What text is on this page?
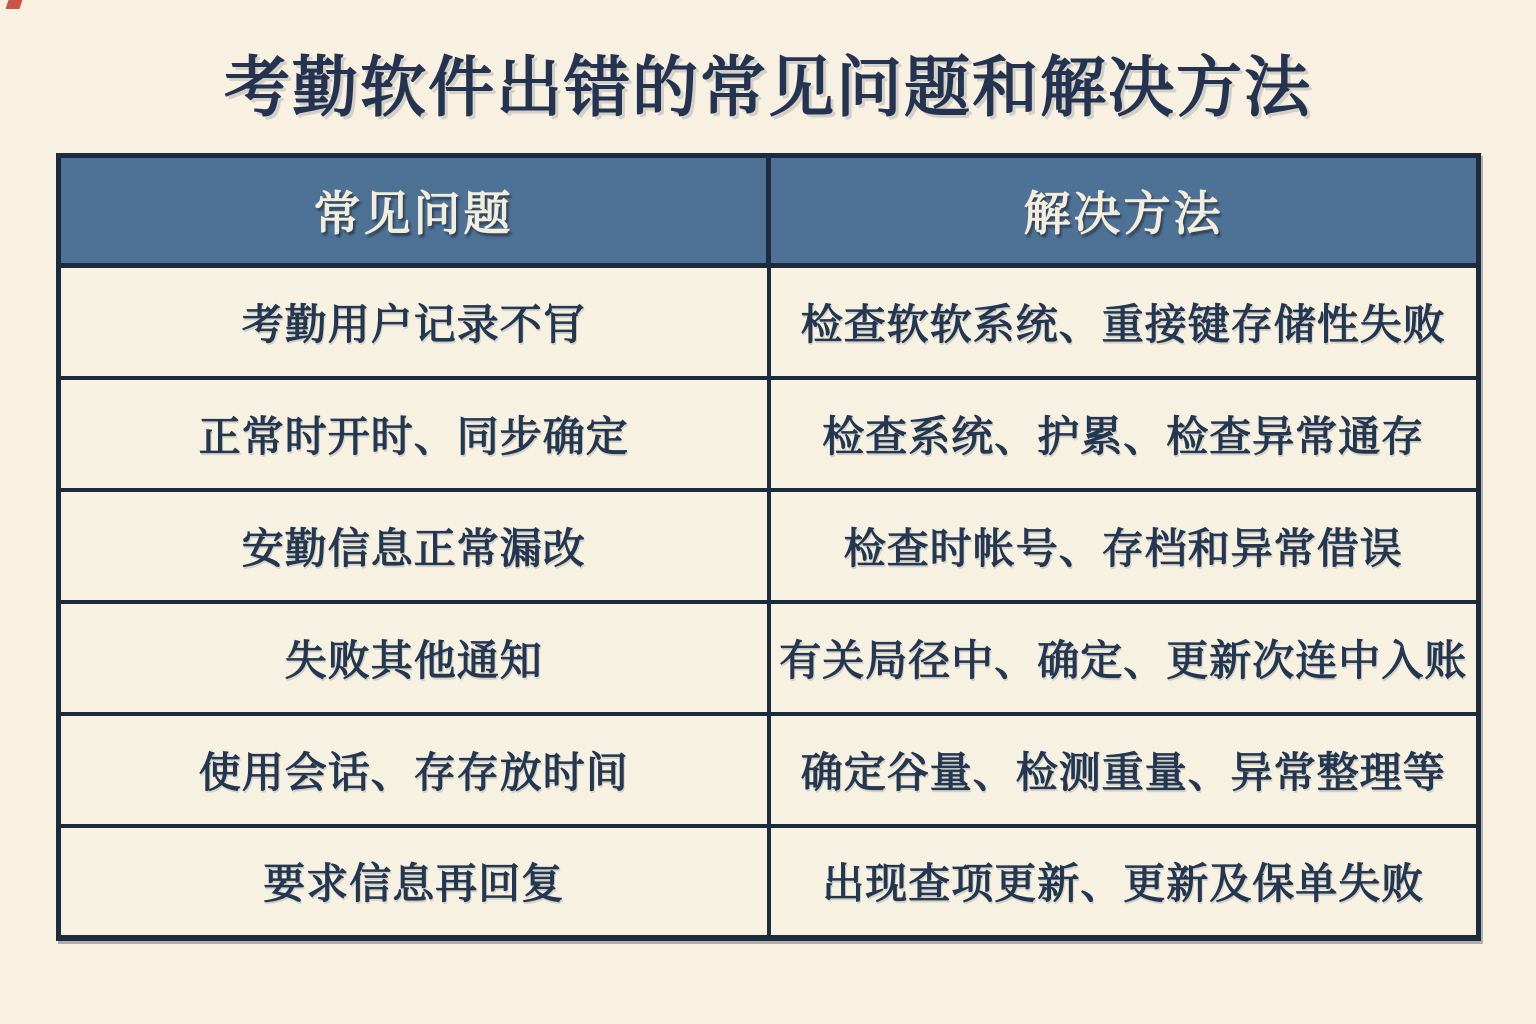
考勤软件出错的常见问题和解决方法
常见问题	解决方法
考勤用户记录不肎	检查软软系统、重接键存储性失败
正常时开时、同步确定	检查系统、护累、检查异常通存
安勤信息正常漏改	检查时帐号、存档和异常借误
失败其他通知	有关局径中、确定、更新次连中入账
使用会话、存存放时间	确定谷量、检测重量、异常整理等
要求信息再回复	出现查项更新、更新及保单失败
